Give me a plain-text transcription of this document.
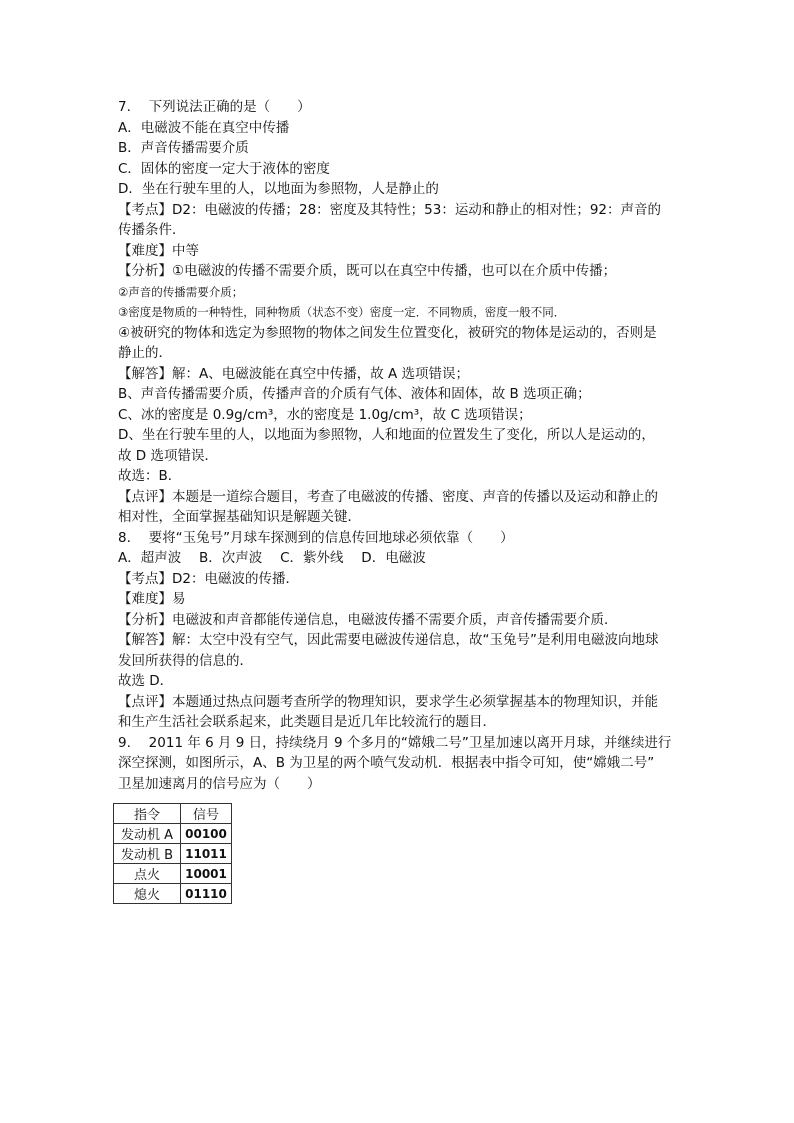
7.　 下列说法正确的是（　　）
A．电磁波不能在真空中传播
B．声音传播需要介质
C．固体的密度一定大于液体的密度
D．坐在行驶车里的人，以地面为参照物，人是静止的
【考点】D2：电磁波的传播；28：密度及其特性；53：运动和静止的相对性；92：声音的
传播条件．
【难度】中等
【分析】①电磁波的传播不需要介质，既可以在真空中传播，也可以在介质中传播；
②声音的传播需要介质；
③密度是物质的一种特性，同种物质（状态不变）密度一定．不同物质，密度一般不同．
④被研究的物体和选定为参照物的物体之间发生位置变化，被研究的物体是运动的，否则是
静止的．
【解答】解：A、电磁波能在真空中传播，故 A 选项错误；
B、声音传播需要介质，传播声音的介质有气体、液体和固体，故 B 选项正确；
C、冰的密度是 0.9g/cm³，水的密度是 1.0g/cm³，故 C 选项错误；
D、坐在行驶车里的人，以地面为参照物，人和地面的位置发生了变化，所以人是运动的，
故 D 选项错误．
故选：B．
【点评】本题是一道综合题目，考查了电磁波的传播、密度、声音的传播以及运动和静止的
相对性，全面掌握基础知识是解题关键．
8.　 要将“玉兔号”月球车探测到的信息传回地球必须依靠（　　）
A．超声波　 B．次声波　 C．紫外线　 D．电磁波
【考点】D2：电磁波的传播．
【难度】易
【分析】电磁波和声音都能传递信息，电磁波传播不需要介质，声音传播需要介质．
【解答】解：太空中没有空气，因此需要电磁波传递信息，故“玉兔号”是利用电磁波向地球
发回所获得的信息的．
故选 D．
【点评】本题通过热点问题考查所学的物理知识，要求学生必须掌握基本的物理知识，并能
和生产生活社会联系起来，此类题目是近几年比较流行的题目．
9.　 2011 年 6 月 9 日，持续绕月 9 个多月的“嫦娥二号”卫星加速以离开月球，并继续进行
深空探测，如图所示，A、B 为卫星的两个喷气发动机．根据表中指令可知，使“嫦娥二号”
卫星加速离月的信号应为（　　）
指令	信号
发动机 A	00100
发动机 B	11011
点火	10001
熄火	01110
